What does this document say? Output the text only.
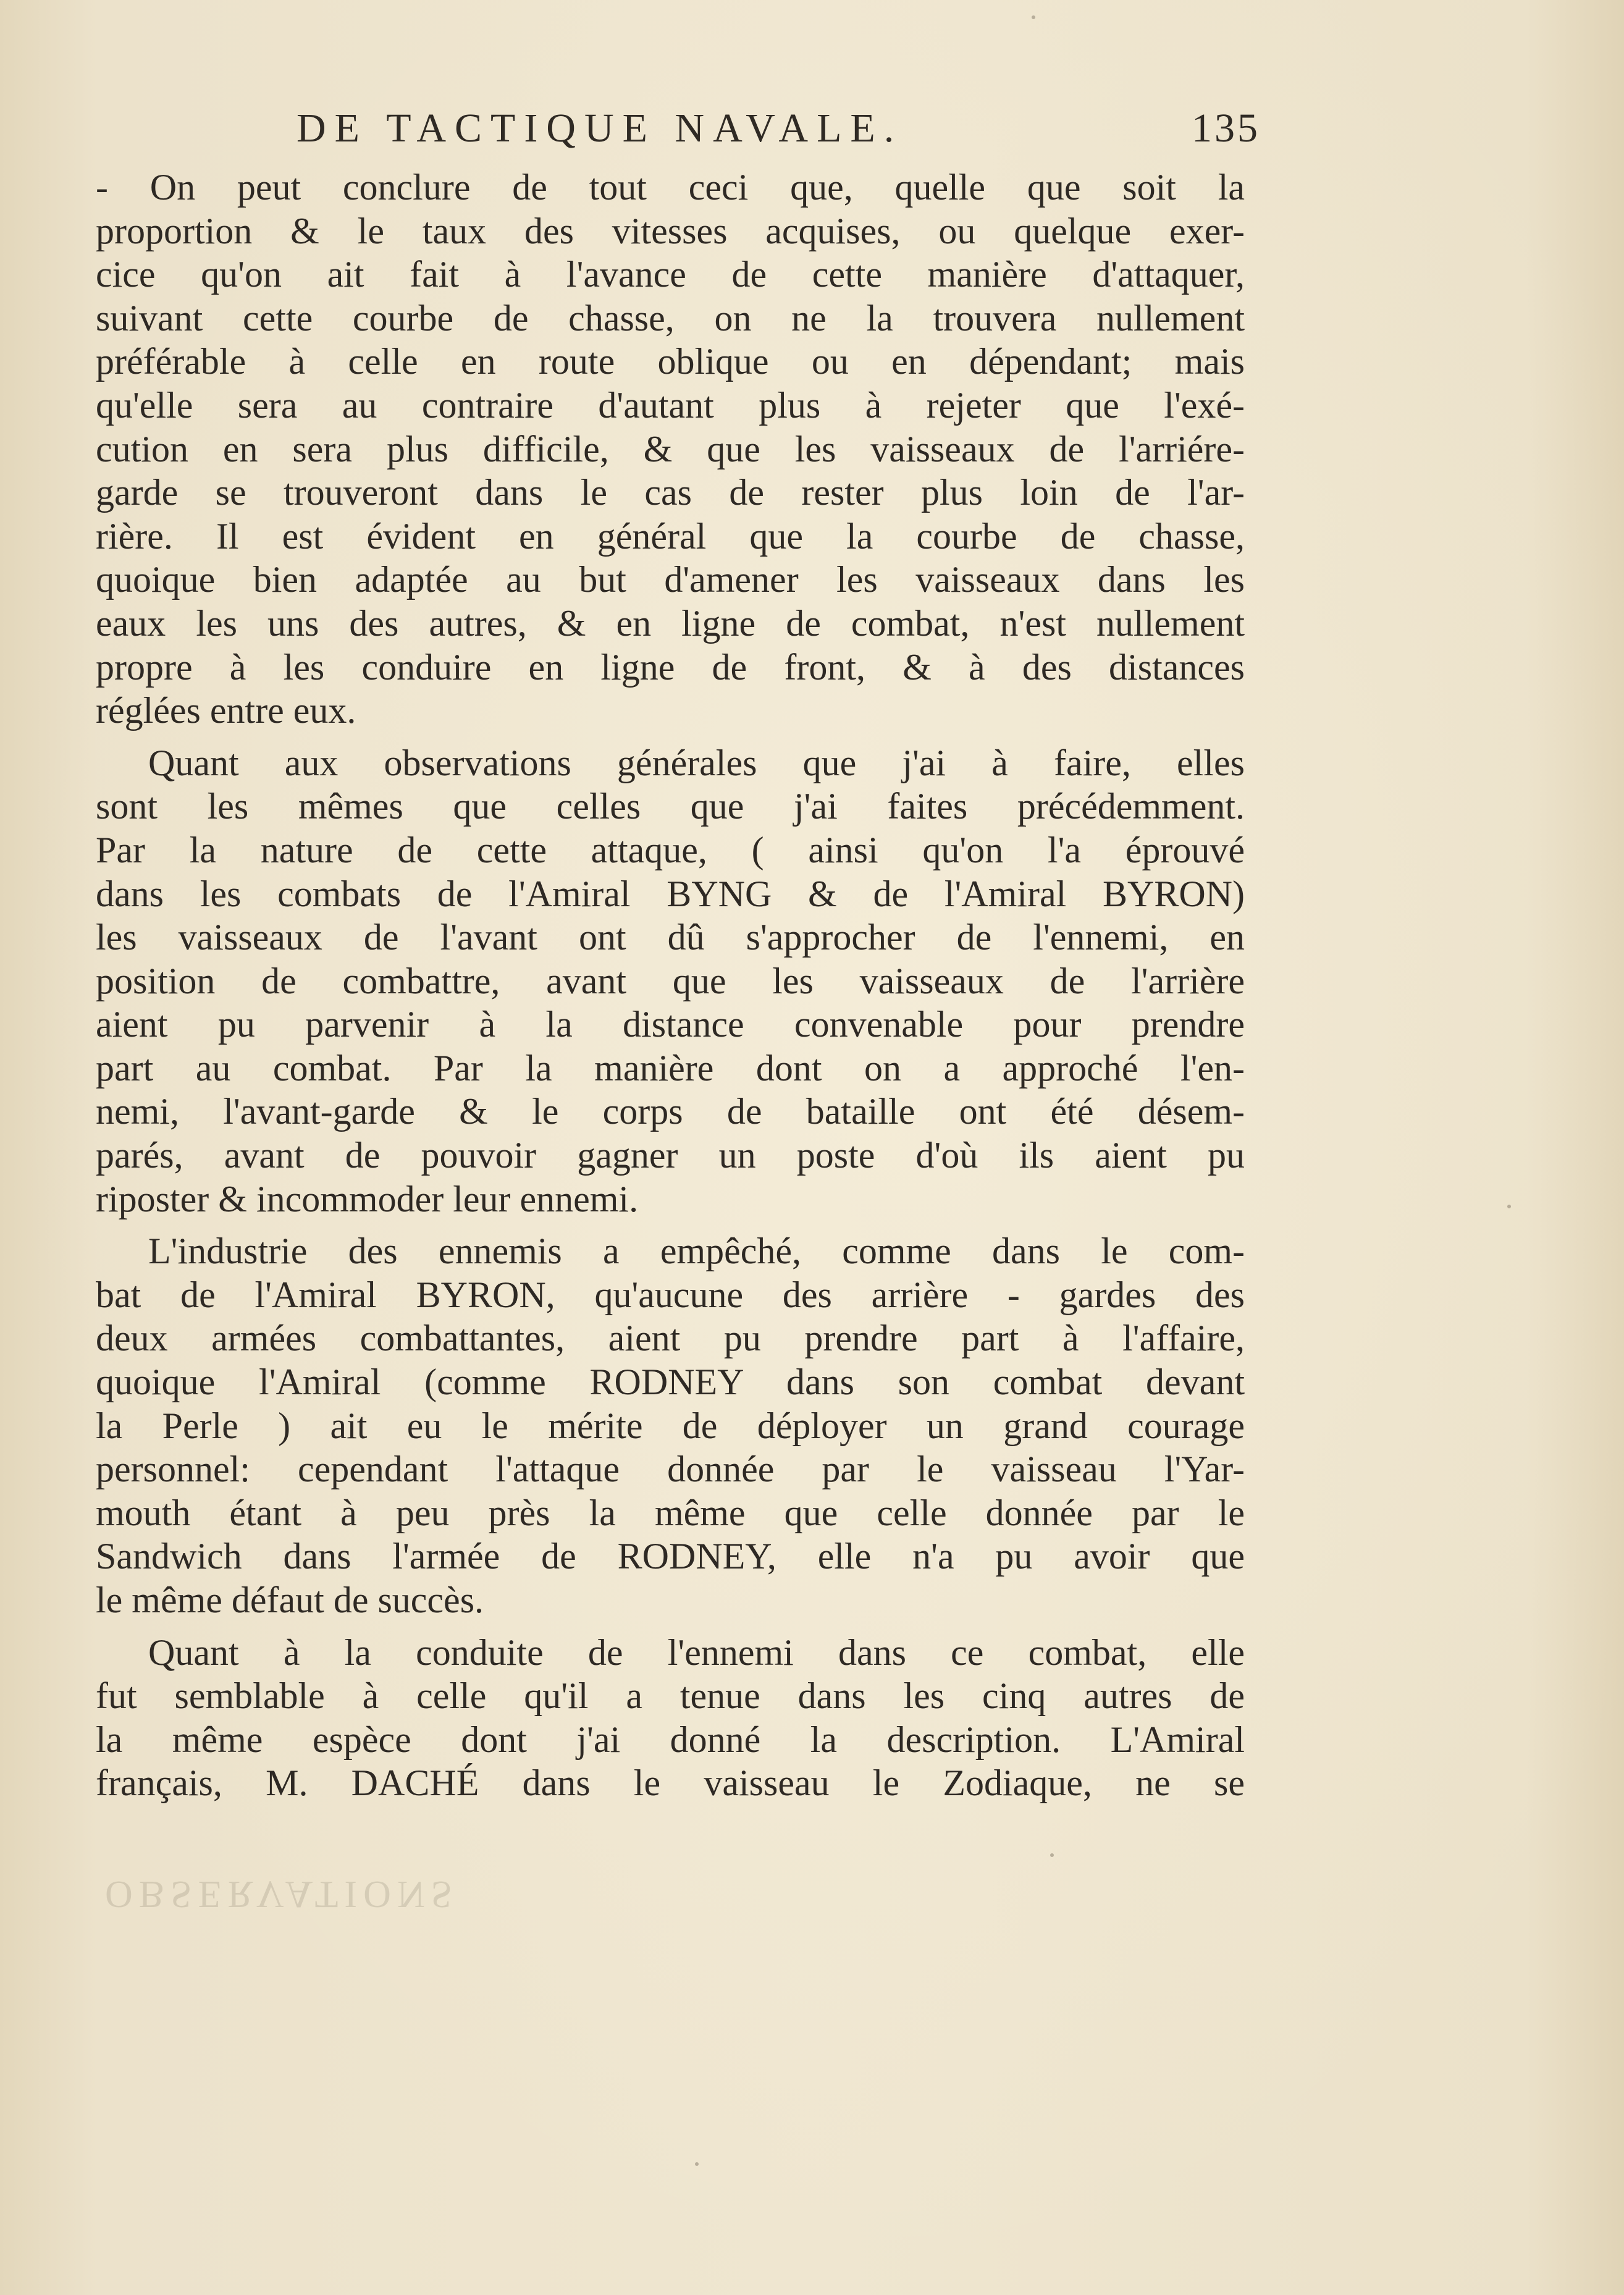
DE TACTIQUE NAVALE.	135
- On peut conclure de tout ceci que, quelle que soit la
proportion & le taux des vitesses acquises, ou quelque exer-
cice qu'on ait fait à l'avance de cette manière d'attaquer,
suivant cette courbe de chasse, on ne la trouvera nullement
préférable à celle en route oblique ou en dépendant; mais
qu'elle sera au contraire d'autant plus à rejeter que l'exé-
cution en sera plus difficile, & que les vaisseaux de l'arriére-
garde se trouveront dans le cas de rester plus loin de l'ar-
rière. Il est évident en général que la courbe de chasse,
quoique bien adaptée au but d'amener les vaisseaux dans les
eaux les uns des autres, & en ligne de combat, n'est nullement
propre à les conduire en ligne de front, & à des distances
réglées entre eux.
Quant aux observations générales que j'ai à faire, elles
sont les mêmes que celles que j'ai faites précédemment.
Par la nature de cette attaque, ( ainsi qu'on l'a éprouvé
dans les combats de l'Amiral BYNG & de l'Amiral BYRON)
les vaisseaux de l'avant ont dû s'approcher de l'ennemi, en
position de combattre, avant que les vaisseaux de l'arrière
aient pu parvenir à la distance convenable pour prendre
part au combat. Par la manière dont on a approché l'en-
nemi, l'avant-garde & le corps de bataille ont été désem-
parés, avant de pouvoir gagner un poste d'où ils aient pu
riposter & incommoder leur ennemi.
L'industrie des ennemis a empêché, comme dans le com-
bat de l'Amiral BYRON, qu'aucune des arrière - gardes des
deux armées combattantes, aient pu prendre part à l'affaire,
quoique l'Amiral (comme RODNEY dans son combat devant
la Perle ) ait eu le mérite de déployer un grand courage
personnel: cependant l'attaque donnée par le vaisseau l'Yar-
mouth étant à peu près la même que celle donnée par le
Sandwich dans l'armée de RODNEY, elle n'a pu avoir que
le même défaut de succès.
Quant à la conduite de l'ennemi dans ce combat, elle
fut semblable à celle qu'il a tenue dans les cinq autres de
la même espèce dont j'ai donné la description. L'Amiral
français, M. DACHÉ dans le vaisseau le Zodiaque, ne se
OBSERVATIONS
